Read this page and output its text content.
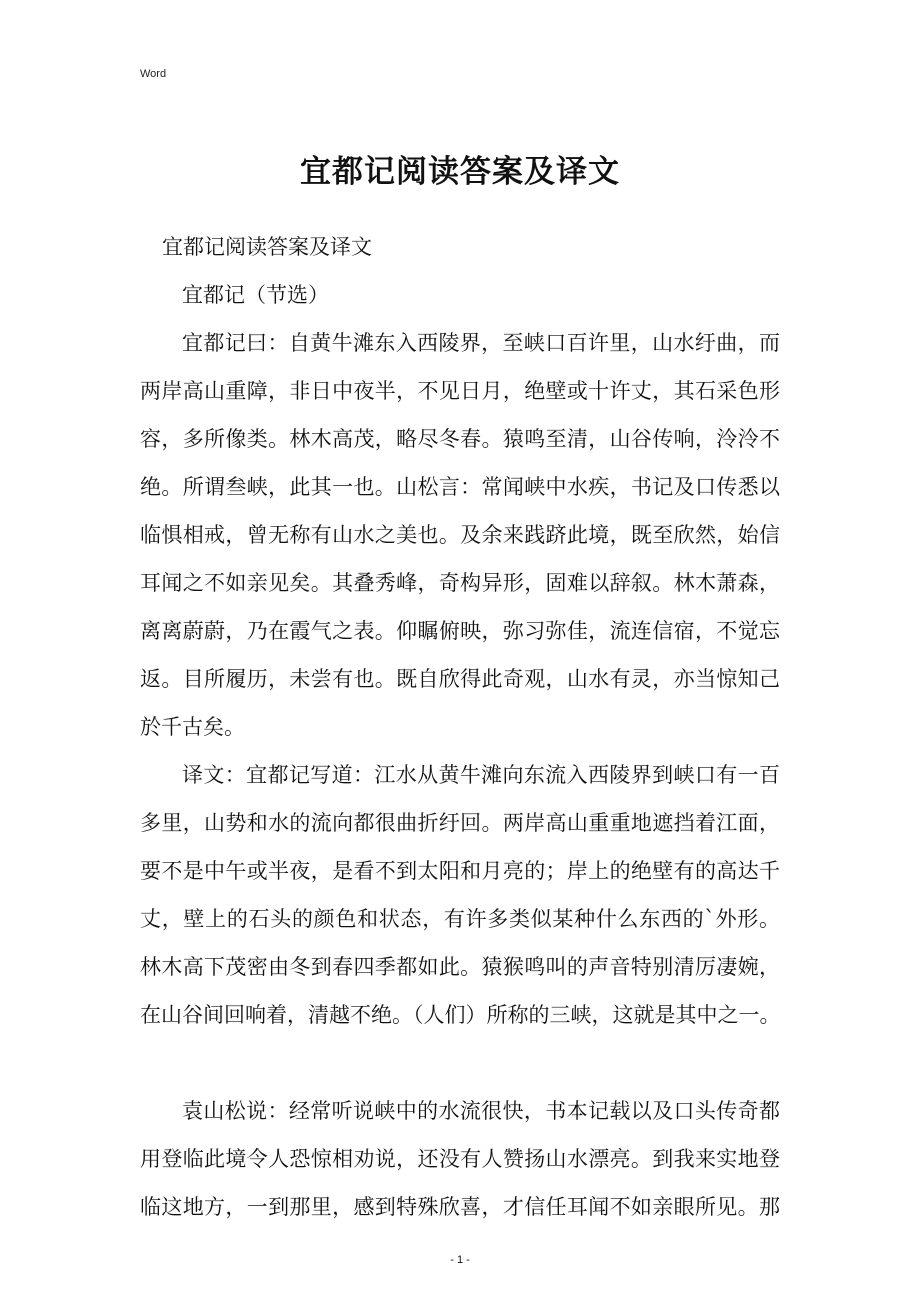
Word
宜都记阅读答案及译文
宜都记阅读答案及译文
宜都记（节选）
宜都记曰：自黄牛滩东入西陵界，至峡口百许里，山水纡曲，而
两岸高山重障，非日中夜半，不见日月，绝壁或十许丈，其石采色形
容，多所像类。林木高茂，略尽冬春。猿鸣至清，山谷传响，泠泠不
绝。所谓叁峡，此其一也。山松言：常闻峡中水疾，书记及口传悉以
临惧相戒，曾无称有山水之美也。及余来践跻此境，既至欣然，始信
耳闻之不如亲见矣。其叠秀峰，奇构异形，固难以辞叙。林木萧森，
离离蔚蔚，乃在霞气之表。仰瞩俯映，弥习弥佳，流连信宿，不觉忘
返。目所履历，未尝有也。既自欣得此奇观，山水有灵，亦当惊知己
於千古矣。
译文：宜都记写道：江水从黄牛滩向东流入西陵界到峡口有一百
多里，山势和水的流向都很曲折纡回。两岸高山重重地遮挡着江面，
要不是中午或半夜，是看不到太阳和月亮的；岸上的绝壁有的高达千
丈，壁上的石头的颜色和状态，有许多类似某种什么东西的`外形。
林木高下茂密由冬到春四季都如此。猿猴鸣叫的声音特别清厉凄婉，
在山谷间回响着，清越不绝。（人们）所称的三峡，这就是其中之一。
袁山松说：经常听说峡中的水流很快，书本记载以及口头传奇都
用登临此境令人恐惊相劝说，还没有人赞扬山水漂亮。到我来实地登
临这地方，一到那里，感到特殊欣喜，才信任耳闻不如亲眼所见。那
- 1 -
